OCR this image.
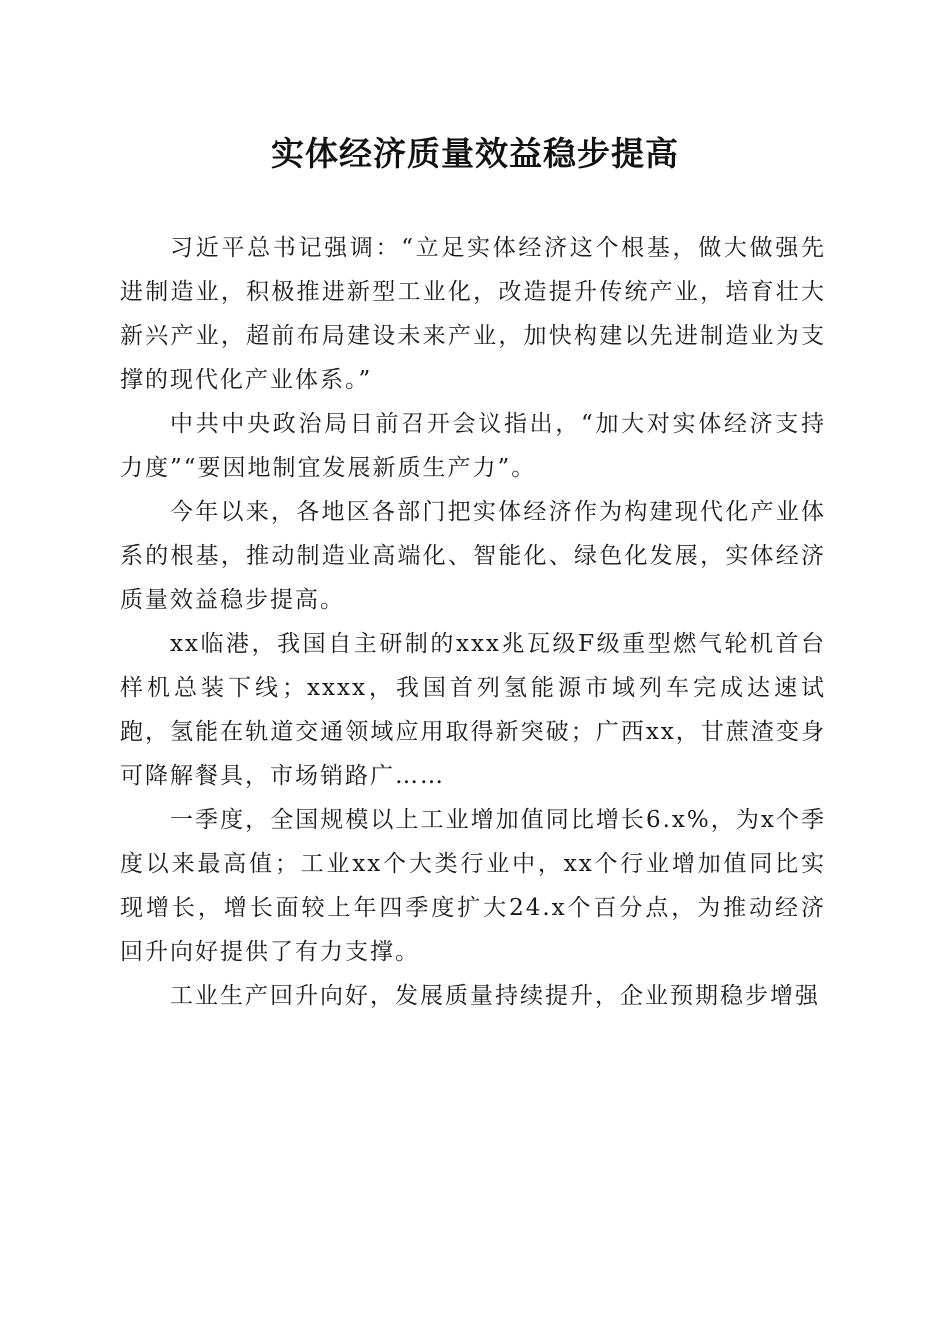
实体经济质量效益稳步提高

习近平总书记强调：“立足实体经济这个根基，做大做强先进制造业，积极推进新型工业化，改造提升传统产业，培育壮大新兴产业，超前布局建设未来产业，加快构建以先进制造业为支撑的现代化产业体系。”

中共中央政治局日前召开会议指出，“加大对实体经济支持力度”“要因地制宜发展新质生产力”。

今年以来，各地区各部门把实体经济作为构建现代化产业体系的根基，推动制造业高端化、智能化、绿色化发展，实体经济质量效益稳步提高。

xx临港，我国自主研制的xxx兆瓦级F级重型燃气轮机首台样机总装下线；xxxx，我国首列氢能源市域列车完成达速试跑，氢能在轨道交通领域应用取得新突破；广西xx，甘蔗渣变身可降解餐具，市场销路广……

一季度，全国规模以上工业增加值同比增长6.x%，为x个季度以来最高值；工业xx个大类行业中，xx个行业增加值同比实现增长，增长面较上年四季度扩大24.x个百分点，为推动经济回升向好提供了有力支撑。

工业生产回升向好，发展质量持续提升，企业预期稳步增强
